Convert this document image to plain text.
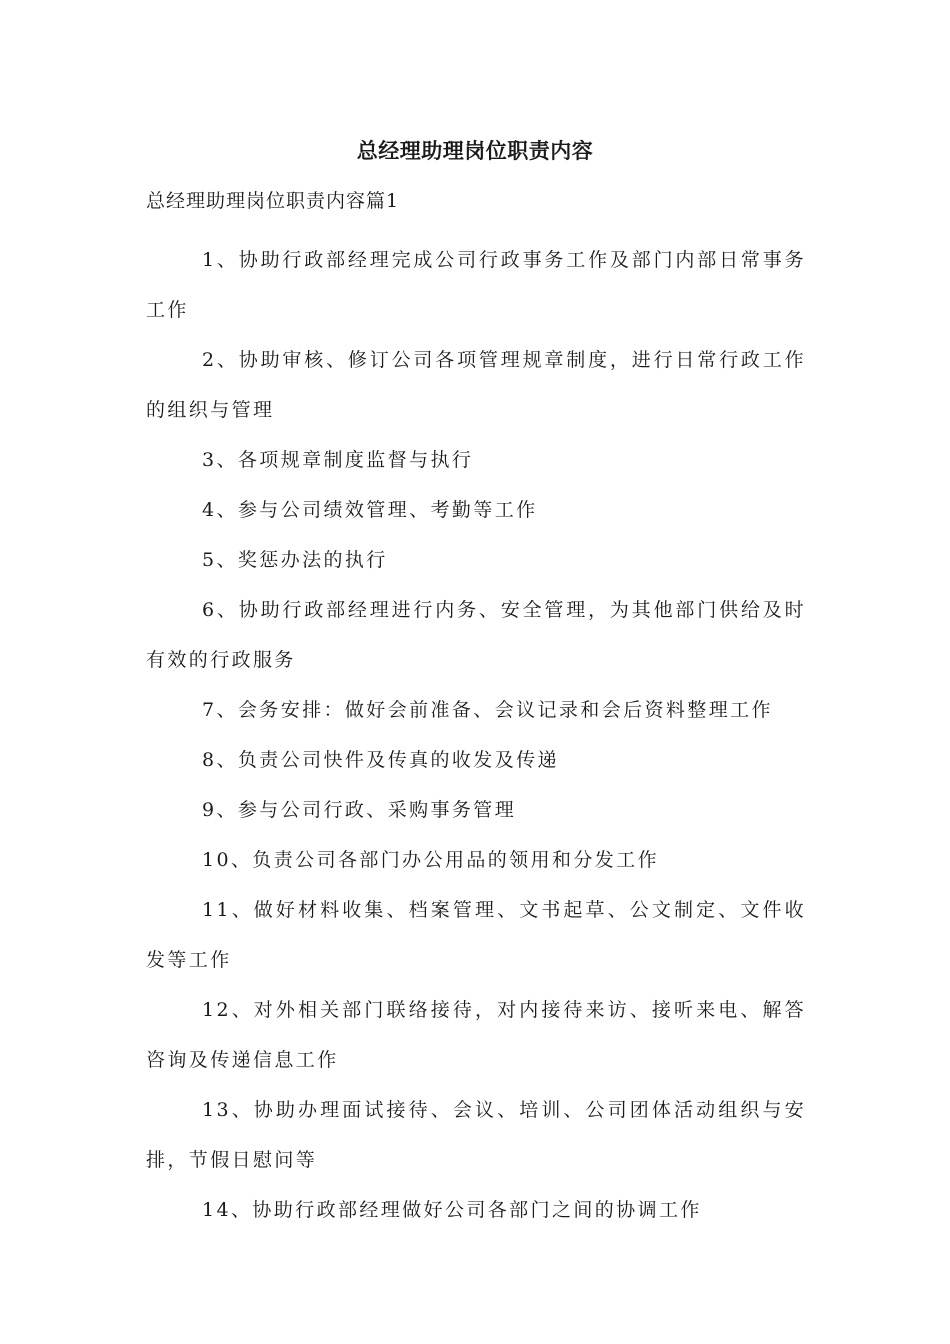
总经理助理岗位职责内容
总经理助理岗位职责内容篇1

1、协助行政部经理完成公司行政事务工作及部门内部日常事务工作

2、协助审核、修订公司各项管理规章制度，进行日常行政工作的组织与管理

3、各项规章制度监督与执行

4、参与公司绩效管理、考勤等工作

5、奖惩办法的执行

6、协助行政部经理进行内务、安全管理，为其他部门供给及时有效的行政服务

7、会务安排：做好会前准备、会议记录和会后资料整理工作

8、负责公司快件及传真的收发及传递

9、参与公司行政、采购事务管理

10、负责公司各部门办公用品的领用和分发工作

11、做好材料收集、档案管理、文书起草、公文制定、文件收发等工作

12、对外相关部门联络接待，对内接待来访、接听来电、解答咨询及传递信息工作

13、协助办理面试接待、会议、培训、公司团体活动组织与安排，节假日慰问等

14、协助行政部经理做好公司各部门之间的协调工作
